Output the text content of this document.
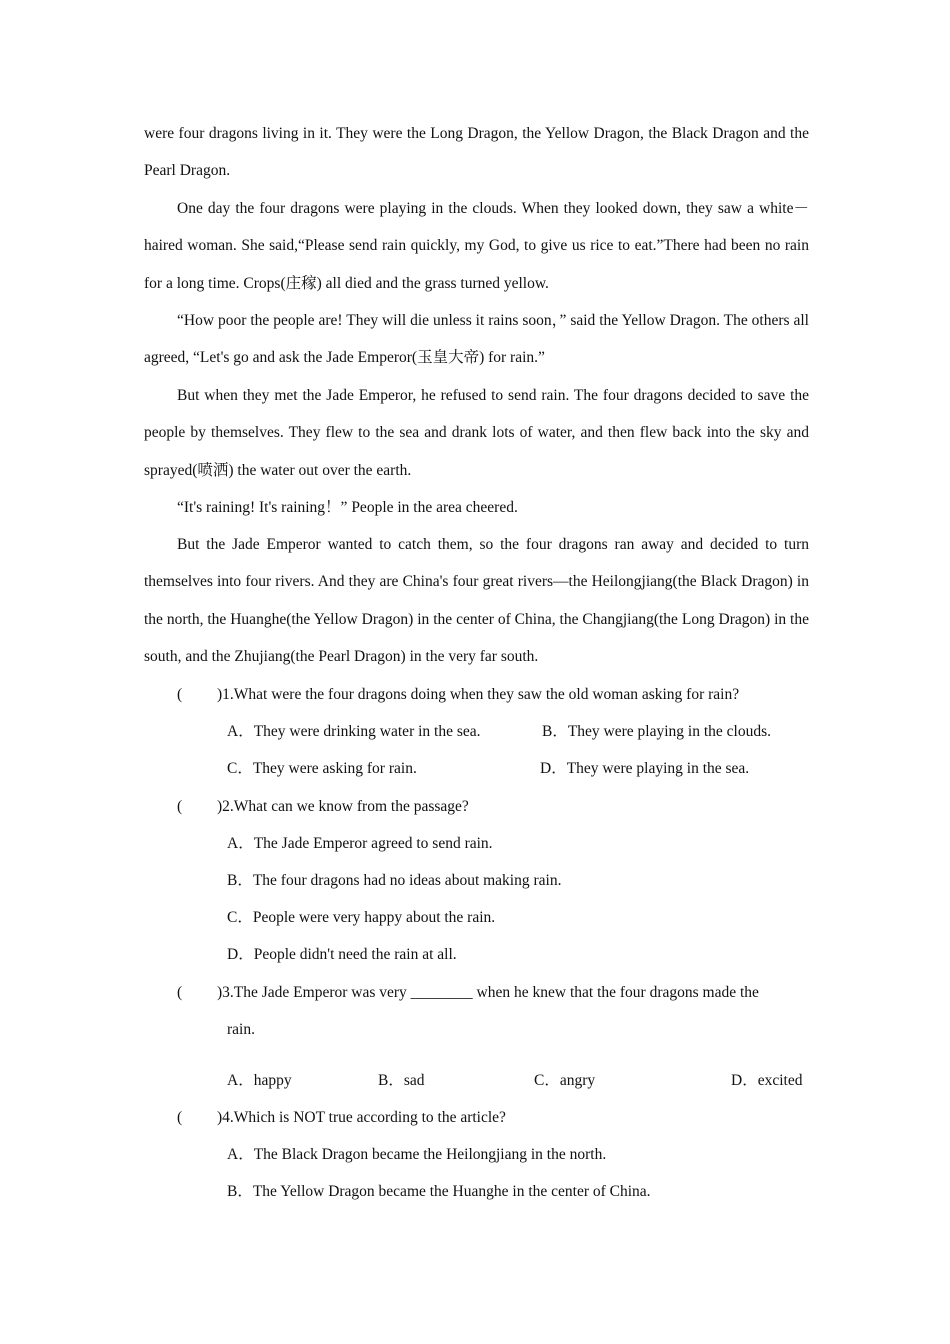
were four dragons living in it. They were the Long Dragon, the Yellow Dragon, the Black Dragon and the Pearl Dragon.

One day the four dragons were playing in the clouds. When they looked down, they saw a white－haired woman. She said,“Please send rain quickly, my God, to give us rice to eat.”There had been no rain for a long time. Crops(庄稼) all died and the grass turned yellow.

“How poor the people are! They will die unless it rains soon，” said the Yellow Dragon. The others all agreed, “Let's go and ask the Jade Emperor(玉皇大帝) for rain.”

But when they met the Jade Emperor, he refused to send rain. The four dragons decided to save the people by themselves. They flew to the sea and drank lots of water, and then flew back into the sky and sprayed(喷洒) the water out over the earth.

“It's raining! It's raining！” People in the area cheered.

But the Jade Emperor wanted to catch them, so the four dragons ran away and decided to turn themselves into four rivers. And they are China's four great rivers—the Heilongjiang(the Black Dragon) in the north, the Huanghe(the Yellow Dragon) in the center of China, the Changjiang(the Long Dragon) in the south, and the Zhujiang(the Pearl Dragon) in the very far south.

( )1.What were the four dragons doing when they saw the old woman asking for rain?
A．They were drinking water in the sea.	B．They were playing in the clouds.
C．They were asking for rain.	D．They were playing in the sea.
( )2.What can we know from the passage?
A．The Jade Emperor agreed to send rain.
B．The four dragons had no ideas about making rain.
C．People were very happy about the rain.
D．People didn't need the rain at all.
( )3.The Jade Emperor was very ________ when he knew that the four dragons made the
rain.
A．happy	B．sad	C．angry	D．excited
( )4.Which is NOT true according to the article?
A．The Black Dragon became the Heilongjiang in the north.
B．The Yellow Dragon became the Huanghe in the center of China.
